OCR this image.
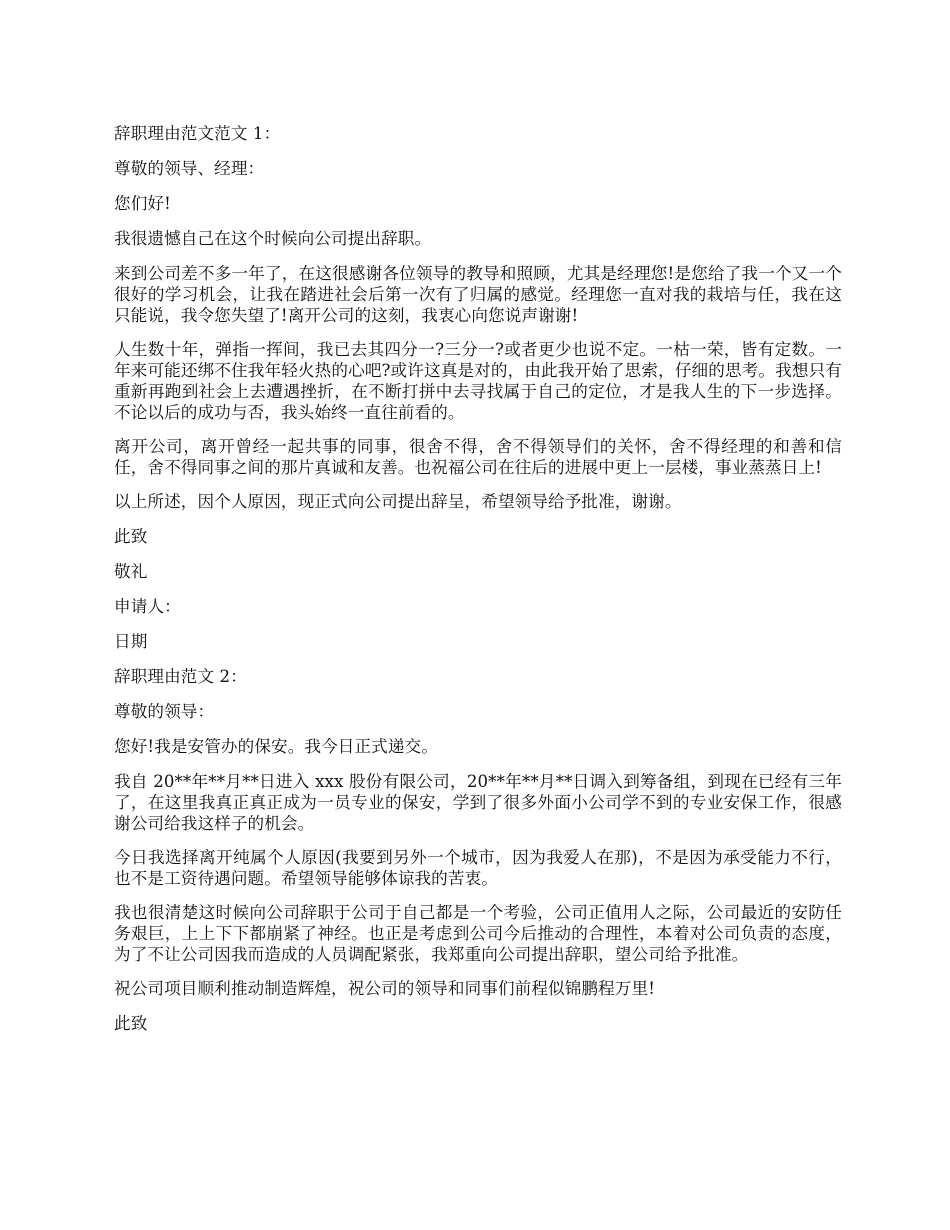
辞职理由范文范文 1：

尊敬的领导、经理：

您们好!

我很遗憾自己在这个时候向公司提出辞职。

来到公司差不多一年了，在这很感谢各位领导的教导和照顾，尤其是经理您!是您给了我一个又一个很好的学习机会，让我在踏进社会后第一次有了归属的感觉。经理您一直对我的栽培与任，我在这只能说，我令您失望了!离开公司的这刻，我衷心向您说声谢谢!

人生数十年，弹指一挥间，我已去其四分一?三分一?或者更少也说不定。一枯一荣，皆有定数。一年来可能还绑不住我年轻火热的心吧?或许这真是对的，由此我开始了思索，仔细的思考。我想只有重新再跑到社会上去遭遇挫折，在不断打拼中去寻找属于自己的定位，才是我人生的下一步选择。不论以后的成功与否，我头始终一直往前看的。

离开公司，离开曾经一起共事的同事，很舍不得，舍不得领导们的关怀，舍不得经理的和善和信任，舍不得同事之间的那片真诚和友善。也祝福公司在往后的进展中更上一层楼，事业蒸蒸日上!

以上所述，因个人原因，现正式向公司提出辞呈，希望领导给予批准，谢谢。

此致

敬礼

申请人：

日期

辞职理由范文 2：

尊敬的领导：

您好!我是安管办的保安。我今日正式递交。

我自 20**年**月**日进入 xxx 股份有限公司，20**年**月**日调入到筹备组，到现在已经有三年了，在这里我真正真正成为一员专业的保安，学到了很多外面小公司学不到的专业安保工作，很感谢公司给我这样子的机会。

今日我选择离开纯属个人原因(我要到另外一个城市，因为我爱人在那)，不是因为承受能力不行，也不是工资待遇问题。希望领导能够体谅我的苦衷。

我也很清楚这时候向公司辞职于公司于自己都是一个考验，公司正值用人之际，公司最近的安防任务艰巨，上上下下都崩紧了神经。也正是考虑到公司今后推动的合理性，本着对公司负责的态度，为了不让公司因我而造成的人员调配紧张，我郑重向公司提出辞职，望公司给予批准。

祝公司项目顺利推动制造辉煌，祝公司的领导和同事们前程似锦鹏程万里!

此致
